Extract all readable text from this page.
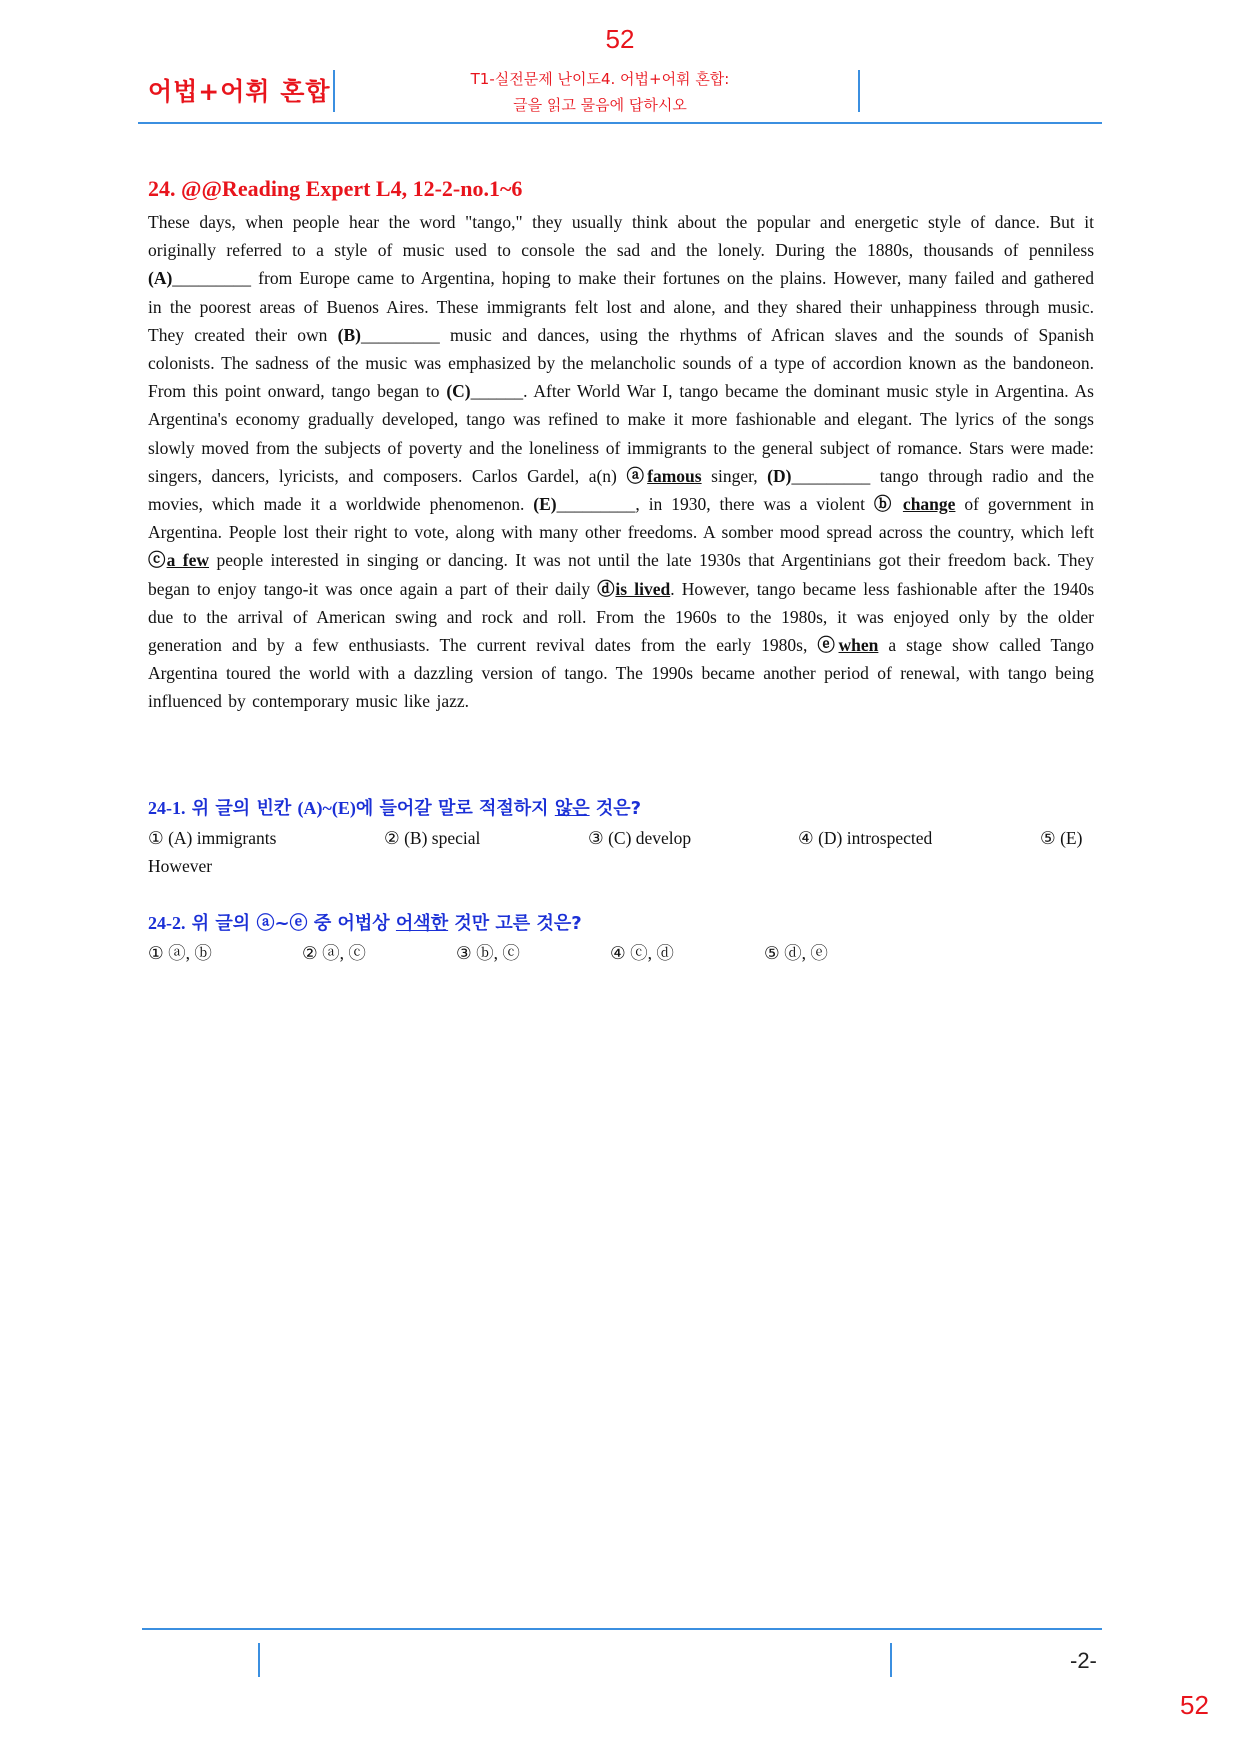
52
어법+어휘 혼합	T1-실전문제 난이도4. 어법+어휘 혼합:
글을 읽고 물음에 답하시오

24. @@Reading Expert L4, 12-2-no.1~6

These days, when people hear the word "tango," they usually think about the popular and energetic style of dance. But it originally referred to a style of music used to console the sad and the lonely. During the 1880s, thousands of penniless (A)_________ from Europe came to Argentina, hoping to make their fortunes on the plains. However, many failed and gathered in the poorest areas of Buenos Aires. These immigrants felt lost and alone, and they shared their unhappiness through music. They created their own (B)_________ music and dances, using the rhythms of African slaves and the sounds of Spanish colonists. The sadness of the music was emphasized by the melancholic sounds of a type of accordion known as the bandoneon. From this point onward, tango began to (C)______. After World War I, tango became the dominant music style in Argentina. As Argentina's economy gradually developed, tango was refined to make it more fashionable and elegant. The lyrics of the songs slowly moved from the subjects of poverty and the loneliness of immigrants to the general subject of romance. Stars were made: singers, dancers, lyricists, and composers. Carlos Gardel, a(n) ⓐfamous singer, (D)_________ tango through radio and the movies, which made it a worldwide phenomenon. (E)_________, in 1930, there was a violent ⓑ change of government in Argentina. People lost their right to vote, along with many other freedoms. A somber mood spread across the country, which left ⓒa few people interested in singing or dancing. It was not until the late 1930s that Argentinians got their freedom back. They began to enjoy tango-it was once again a part of their daily ⓓis lived. However, tango became less fashionable after the 1940s due to the arrival of American swing and rock and roll. From the 1960s to the 1980s, it was enjoyed only by the older generation and by a few enthusiasts. The current revival dates from the early 1980s, ⓔwhen a stage show called Tango Argentina toured the world with a dazzling version of tango. The 1990s became another period of renewal, with tango being influenced by contemporary music like jazz.

24-1. 위 글의 빈칸 (A)~(E)에 들어갈 말로 적절하지 않은 것은?

① (A) immigrants	② (B) special	③ (C) develop	④ (D) introspected	⑤ (E)
However

24-2. 위 글의 ⓐ~ⓔ 중 어법상 어색한 것만 고른 것은?

① ⓐ, ⓑ	② ⓐ, ⓒ	③ ⓑ, ⓒ	④ ⓒ, ⓓ	⑤ ⓓ, ⓔ
-2-
52
